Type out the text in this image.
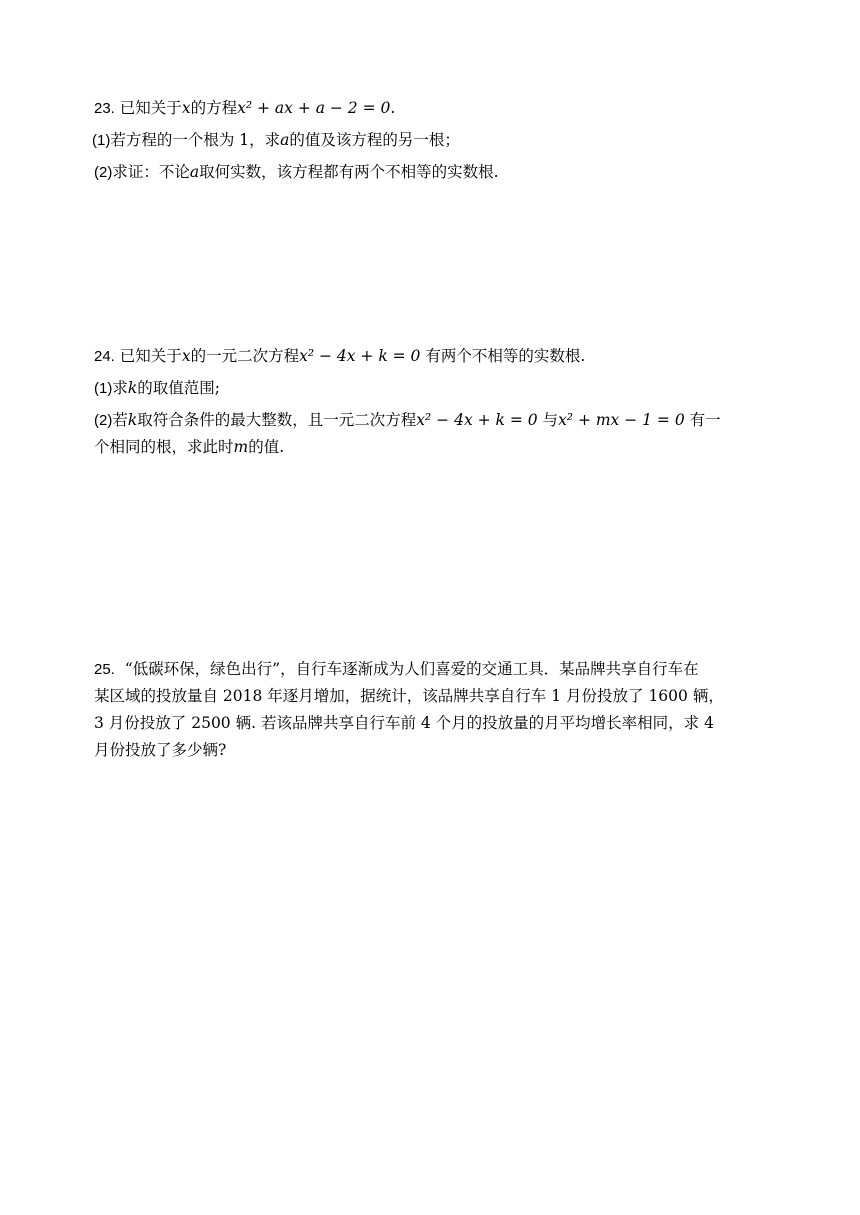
23. 已知关于x的方程x² + ax + a − 2 = 0.

(1)若方程的一个根为 1，求a的值及该方程的另一根；

(2)求证：不论a取何实数，该方程都有两个不相等的实数根.

24. 已知关于x的一元二次方程x² − 4x + k = 0 有两个不相等的实数根.

(1)求k的取值范围;

(2)若k取符合条件的最大整数，且一元二次方程x² − 4x + k = 0 与x² + mx − 1 = 0 有一

个相同的根，求此时m的值.

25. “低碳环保，绿色出行”，自行车逐渐成为人们喜爱的交通工具．某品牌共享自行车在

某区域的投放量自 2018 年逐月增加，据统计，该品牌共享自行车 1 月份投放了 1600 辆，

3 月份投放了 2500 辆. 若该品牌共享自行车前 4 个月的投放量的月平均增长率相同，求 4

月份投放了多少辆?
